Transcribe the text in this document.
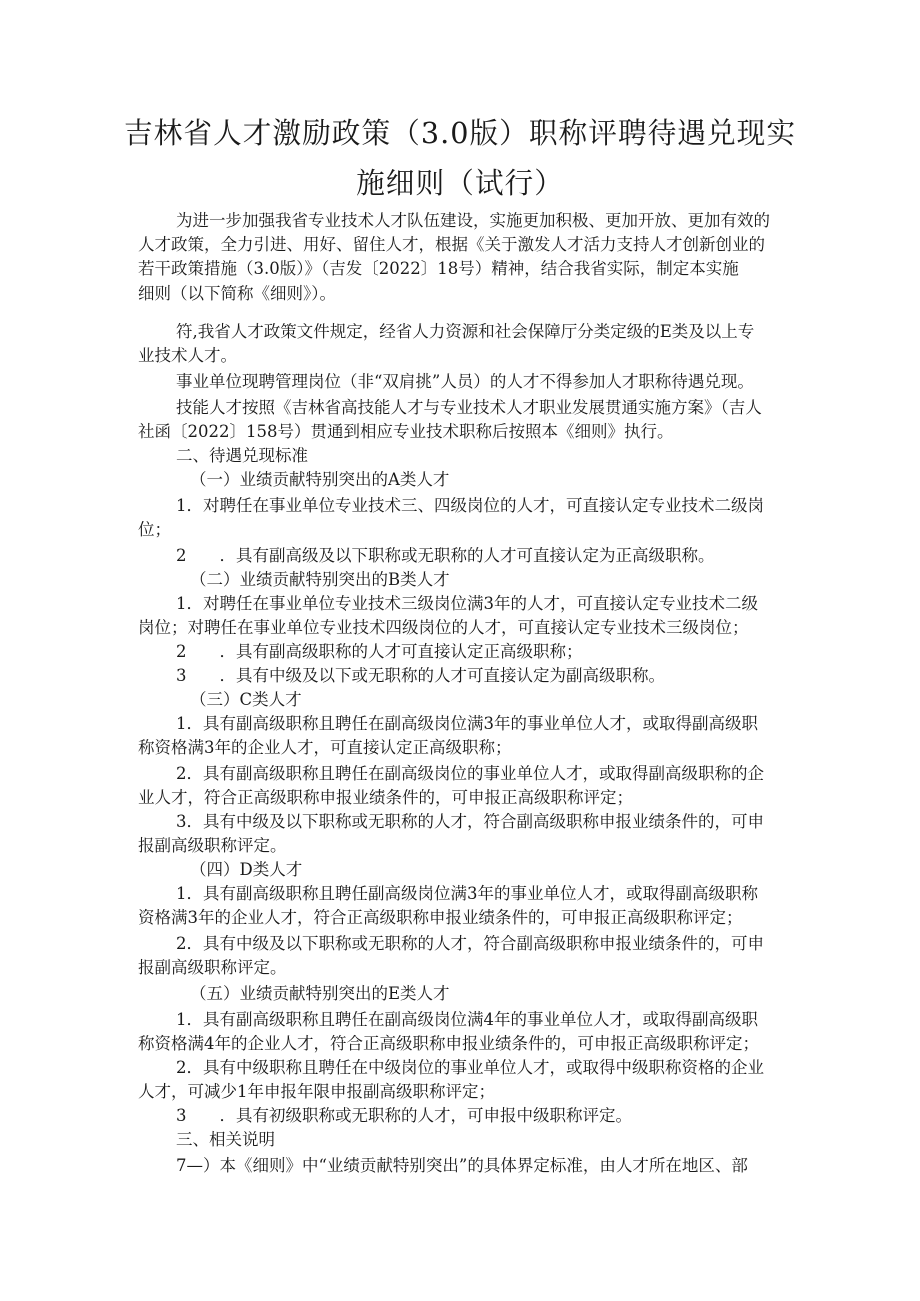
吉林省人才激励政策（3.0版）职称评聘待遇兑现实
施细则（试行）

为进一步加强我省专业技术人才队伍建设，实施更加积极、更加开放、更加有效的

人才政策，全力引进、用好、留住人才，根据《关于激发人才活力支持人才创新创业的

若干政策措施（3.0版）》（吉发〔2022〕18号）精神，结合我省实际，制定本实施

细则（以下简称《细则》）。

符,我省人才政策文件规定，经省人力资源和社会保障厅分类定级的E类及以上专

业技术人才。

事业单位现聘管理岗位（非“双肩挑”人员）的人才不得参加人才职称待遇兑现。

技能人才按照《吉林省高技能人才与专业技术人才职业发展贯通实施方案》（吉人

社函〔2022〕158号）贯通到相应专业技术职称后按照本《细则》执行。

二、待遇兑现标准

（一）业绩贡献特别突出的A类人才

1．对聘任在事业单位专业技术三、四级岗位的人才，可直接认定专业技术二级岗

位；

2　　．具有副高级及以下职称或无职称的人才可直接认定为正高级职称。

（二）业绩贡献特别突出的B类人才

1．对聘任在事业单位专业技术三级岗位满3年的人才，可直接认定专业技术二级

岗位；对聘任在事业单位专业技术四级岗位的人才，可直接认定专业技术三级岗位；

2　　．具有副高级职称的人才可直接认定正高级职称；

3　　．具有中级及以下或无职称的人才可直接认定为副高级职称。

（三）C类人才

1．具有副高级职称且聘任在副高级岗位满3年的事业单位人才，或取得副高级职

称资格满3年的企业人才，可直接认定正高级职称；

2．具有副高级职称且聘任在副高级岗位的事业单位人才，或取得副高级职称的企

业人才，符合正高级职称申报业绩条件的，可申报正高级职称评定；

3．具有中级及以下职称或无职称的人才，符合副高级职称申报业绩条件的，可申

报副高级职称评定。

（四）D类人才

1．具有副高级职称且聘任副高级岗位满3年的事业单位人才，或取得副高级职称

资格满3年的企业人才，符合正高级职称申报业绩条件的，可申报正高级职称评定；

2．具有中级及以下职称或无职称的人才，符合副高级职称申报业绩条件的，可申

报副高级职称评定。

（五）业绩贡献特别突出的E类人才

1．具有副高级职称且聘任在副高级岗位满4年的事业单位人才，或取得副高级职

称资格满4年的企业人才，符合正高级职称申报业绩条件的，可申报正高级职称评定；

2．具有中级职称且聘任在中级岗位的事业单位人才，或取得中级职称资格的企业

人才，可减少1年申报年限申报副高级职称评定；

3　　．具有初级职称或无职称的人才，可申报中级职称评定。

三、相关说明

7—）本《细则》中“业绩贡献特别突出”的具体界定标准，由人才所在地区、部
